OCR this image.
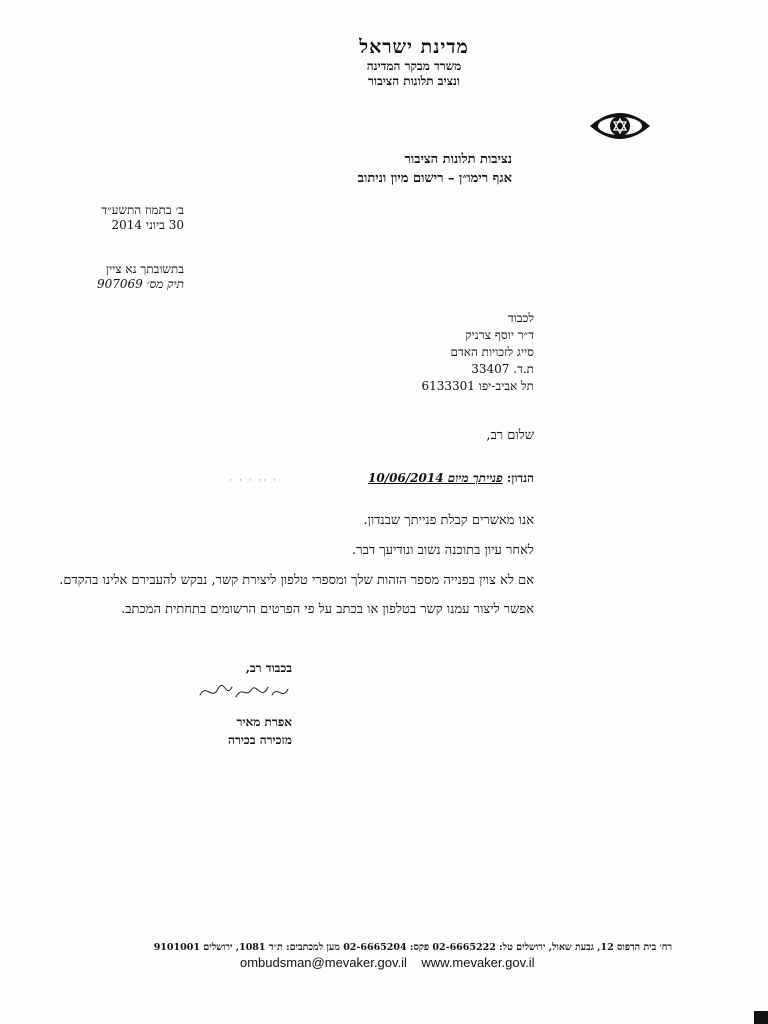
מדינת ישראל
משרד מבקר המדינה
ונציב תלונות הציבור
נציבות תלונות הציבור
אגף רימו״ן – רישום מיון וניתוב
ב׳ בתמוז התשע״ד
30 ביוני 2014
בתשובתך נא ציין
תיק מס׳ 907069
לכבוד
ד״ר יוסף צרניק
סייג לזכויות האדם
ת.ד. 33407
תל אביב-יפו 6133301
שלום רב,
· · · ·· ·	הנדון: פנייתך מיום 10/06/2014
אנו מאשרים קבלת פנייתך שבנדון.
לאחר עיון בתוכנה נשוב ונודיעך דבר.
אם לא צוין בפנייה מספר הזהות שלך ומספרי טלפון ליצירת קשר, נבקש להעבירם אלינו בהקדם.
אפשר ליצור עמנו קשר בטלפון או בכתב על פי הפרטים הרשומים בתחתית המכתב.
בכבוד רב,
אפרת מאיר
מזכירה בכירה
רח׳ בית הדפוס 12, גבעת שאול, ירושלים טל: 02-6665222 פקס: 02-6665204 מען למכתבים: ת״ד 1081, ירושלים 9101001
ombudsman@mevaker.gov.il www.mevaker.gov.il
